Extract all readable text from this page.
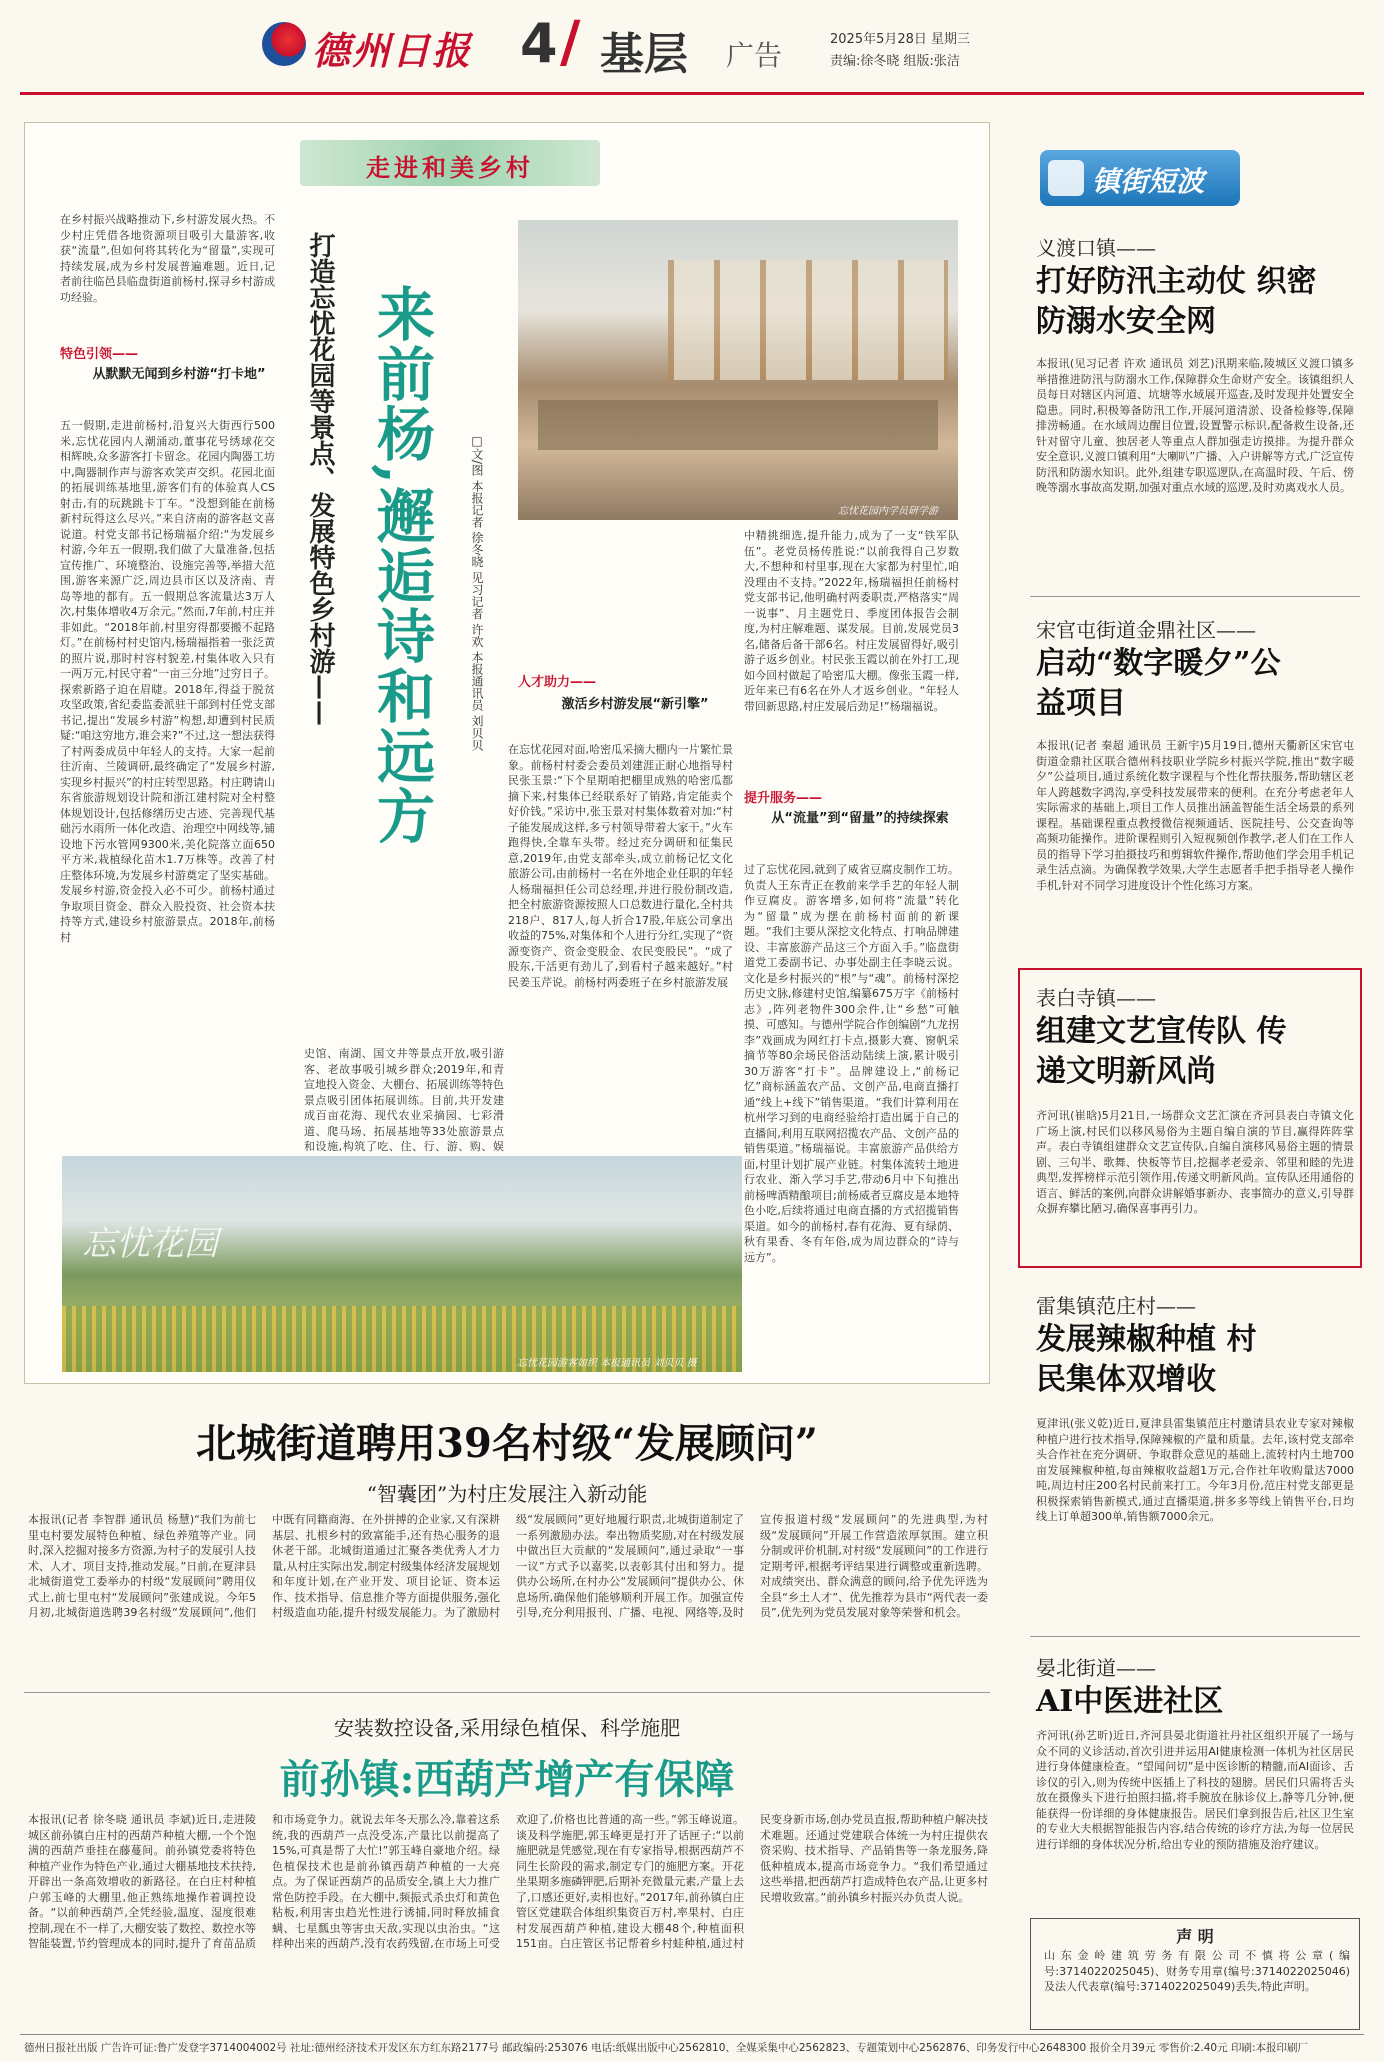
德州日报 4 / 基层 广告	2025年5月28日 星期三
责编:徐冬晓 组版:张洁
走进和美乡村
在乡村振兴战略推动下,乡村游发展火热。不少村庄凭借各地资源项目吸引大量游客,收获“流量”,但如何将其转化为“留量”,实现可持续发展,成为乡村发展普遍难题。近日,记者前往临邑县临盘街道前杨村,探寻乡村游成功经验。
特色引领——
从默默无闻到乡村游“打卡地”
五一假期,走进前杨村,沿复兴大街西行500米,忘忧花园内人潮涌动,董事花号绣球花交相辉映,众多游客打卡留念。花园内陶器工坊中,陶器制作声与游客欢笑声交织。花园北面的拓展训练基地里,游客们有的体验真人CS射击,有的玩跳跳卡丁车。“没想到能在前杨新村玩得这么尽兴。”来自济南的游客赵文喜说道。村党支部书记杨瑞福介绍:“为发展乡村游,今年五一假期,我们做了大量准备,包括宣传推广、环境整治、设施完善等,举措大范围,游客来源广泛,周边县市区以及济南、青岛等地的都有。五一假期总客流量达3万人次,村集体增收4万余元。”然而,7年前,村庄并非如此。“2018年前,村里穷得都要搬不起路灯。”在前杨村村史馆内,杨瑞福指着一张泛黄的照片说,那时村容村貌差,村集体收入只有一两万元,村民守着“一亩三分地”过穷日子。探索新路子迫在眉睫。2018年,得益于脱贫攻坚政策,省纪委监委派驻干部到村任党支部书记,提出“发展乡村游”构想,却遭到村民质疑:“咱这穷地方,谁会来?”不过,这一想法获得了村两委成员中年轻人的支持。大家一起前往沂南、兰陵调研,最终确定了“发展乡村游,实现乡村振兴”的村庄转型思路。村庄聘请山东省旅游规划设计院和浙江建村院对全村整体规划设计,包括修缮历史古迹、完善现代基础污水雨所一体化改造、治理空中网线等,铺设地下污水管网9300米,美化院落立面650平方米,栽植绿化苗木1.7万株等。改善了村庄整体环境,为发展乡村游奠定了坚实基础。发展乡村游,资金投入必不可少。前杨村通过争取项目资金、群众入股投资、社会资本扶持等方式,建设乡村旅游景点。2018年,前杨村
打造忘忧花园等景点、发展特色乡村游—— 来前杨,邂逅诗和远方	□文/图 本报记者 徐冬晓 见习记者 许欢 本报通讯员 刘贝贝	忘忧花园内学员研学游
史馆、南湖、国文井等景点开放,吸引游客、老故事吸引城乡群众;2019年,和青宣地投入资金、大棚台、拓展训练等特色景点吸引团体拓展训练。目前,共开发建成百亩花海、现代农业采摘园、七彩滑道、爬马场、拓展基地等33处旅游景点和设施,构筑了吃、住、行、游、购、娱
在忘忧花园对面,哈密瓜采摘大棚内一片繁忙景象。前杨村村委会委员刘建涯正耐心地指导村民张玉景:“下个星期咱把棚里成熟的哈密瓜都摘下来,村集体已经联系好了销路,肯定能卖个好价钱。”采访中,张玉景对村集体数着对加:“村子能发展成这样,多亏村领导带着大家干。”火车跑得快,全靠车头带。经过充分调研和征集民意,2019年,由党支部牵头,成立前杨记忆文化旅游公司,由前杨村一名在外地企业任职的年轻人杨瑞福担任公司总经理,并进行股份制改造,把全村旅游资源按照人口总数进行量化,全村共218户、817人,每人折合17股,年底公司拿出收益的75%,对集体和个人进行分红,实现了“资源变资产、资金变股金、农民变股民”。“成了股东,干活更有劲儿了,到看村子越来越好。”村民姜玉芹说。前杨村两委班子在乡村旅游发展
人才助力——
激活乡村游发展“新引擎”
中精挑细选,提升能力,成为了一支“铁军队伍”。老党员杨传胜说:“以前我得自己岁数大,不想种和村里事,现在大家都为村里忙,咱没理由不支持。”2022年,杨瑞福担任前杨村党支部书记,他明确村两委职责,严格落实“周一说事”、月主题党日、季度团体报告会制度,为村庄解难题、谋发展。目前,发展党员3名,储备后备干部6名。村庄发展留得好,吸引游子返乡创业。村民张玉霞以前在外打工,现如今回村做起了哈密瓜大棚。像张玉霞一样,近年来已有6名在外人才返乡创业。“年轻人带回新思路,村庄发展后劲足!”杨瑞福说。
提升服务——
从“流量”到“留量”的持续探索
过了忘忧花园,就到了威省豆腐皮制作工坊。负责人王东青正在教前来学手艺的年轻人制作豆腐皮。游客增多,如何将“流量”转化为“留量”成为摆在前杨村面前的新课题。“我们主要从深挖文化特点、打响品牌建设、丰富旅游产品这三个方面入手。”临盘街道党工委副书记、办事处副主任李晓云说。文化是乡村振兴的“根”与“魂”。前杨村深挖历史文脉,修建村史馆,编纂675万字《前杨村志》,阵列老物件300余件,让“乡愁”可触摸、可感知。与德州学院合作创编剧“九龙拐李”戏画成为网红打卡点,摄影大赛、窗帆采摘节等80余场民俗活动陆续上演,累计吸引30万游客“打卡”。品牌建设上,“前杨记忆”商标涵盖农产品、文创产品,电商直播打通“线上+线下”销售渠道。“我们计算利用在杭州学习到的电商经验给打造出属于自己的直播间,利用互联网招揽农产品、文创产品的销售渠道。”杨瑞福说。丰富旅游产品供给方面,村里计划扩展产业链。村集体流转土地进行农业、渐入学习手艺,带动6月中下旬推出前杨啤酒精酿项目;前杨威者豆腐皮是本地特色小吃,后续将通过电商直播的方式招揽销售渠道。如今的前杨村,春有花海、夏有绿荫、秋有果香、冬有年俗,成为周边群众的“诗与远方”。
忘忧花园
忘忧花园游客如织 本报通讯员 刘贝贝 摄
镇街短波
义渡口镇——
打好防汛主动仗 织密防溺水安全网
本报讯(见习记者 许欢 通讯员 刘艺)汛期来临,陵城区义渡口镇多举措推进防汛与防溺水工作,保障群众生命财产安全。该镇组织人员每日对辖区内河道、坑塘等水域展开巡查,及时发现并处置安全隐患。同时,积极筹备防汛工作,开展河道清淤、设备检修等,保障排涝畅通。在水域周边醒目位置,设置警示标识,配备救生设备,还针对留守儿童、独居老人等重点人群加强走访摸排。为提升群众安全意识,义渡口镇利用“大喇叭”广播、入户讲解等方式,广泛宣传防汛和防溺水知识。此外,组建专职巡逻队,在高温时段、午后、傍晚等溺水事故高发期,加强对重点水域的巡逻,及时劝离戏水人员。
宋官屯街道金鼎社区——
启动“数字暖夕”公益项目
本报讯(记者 秦超 通讯员 王新宇)5月19日,德州天衢新区宋官屯街道金鼎社区联合德州科技职业学院乡村振兴学院,推出“数字暖夕”公益项目,通过系统化数字课程与个性化帮扶服务,帮助辖区老年人跨越数字鸿沟,享受科技发展带来的便利。在充分考虑老年人实际需求的基础上,项目工作人员推出涵盖智能生活全场景的系列课程。基础课程重点教授微信视频通话、医院挂号、公交查询等高频功能操作。进阶课程则引入短视频创作教学,老人们在工作人员的指导下学习拍摄技巧和剪辑软件操作,帮助他们学会用手机记录生活点滴。为确保教学效果,大学生志愿者手把手指导老人操作手机,针对不同学习进度设计个性化练习方案。
表白寺镇——
组建文艺宣传队 传递文明新风尚
齐河讯(崔晗)5月21日,一场群众文艺汇演在齐河县表白寺镇文化广场上演,村民们以移风易俗为主题自编自演的节目,赢得阵阵掌声。表白寺镇组建群众文艺宣传队,自编自演移风易俗主题的情景剧、三句半、歌舞、快板等节目,挖掘孝老爱亲、邻里和睦的先进典型,发挥榜样示范引领作用,传递文明新风尚。宣传队还用通俗的语言、鲜活的案例,向群众讲解婚事新办、丧事简办的意义,引导群众摒弃攀比陋习,确保喜事再引力。
雷集镇范庄村——
发展辣椒种植 村民集体双增收
夏津讯(张义乾)近日,夏津县雷集镇范庄村邀请县农业专家对辣椒种植户进行技术指导,保障辣椒的产量和质量。去年,该村党支部牵头合作社在充分调研、争取群众意见的基础上,流转村内土地700亩发展辣椒种植,每亩辣椒收益超1万元,合作社年收购量达7000吨,周边村庄200名村民前来打工。今年3月份,范庄村党支部更是积极探索销售新模式,通过直播渠道,拼多多等线上销售平台,日均线上订单超300单,销售额7000余元。
晏北街道——
AI中医进社区
齐河讯(孙艺昕)近日,齐河县晏北街道社丹社区组织开展了一场与众不同的义诊活动,首次引进并运用AI健康检测一体机为社区居民进行身体健康检查。“望闻问切”是中医诊断的精髓,而AI面诊、舌诊仪的引入,则为传统中医插上了科技的翅膀。居民们只需将舌头放在摄像头下进行拍照扫描,将手腕放在脉诊仪上,静等几分钟,便能获得一份详细的身体健康报告。居民们拿到报告后,社区卫生室的专业大夫根据智能报告内容,结合传统的诊疗方法,为每一位居民进行详细的身体状况分析,给出专业的预防措施及治疗建议。
声 明
山东金岭建筑劳务有限公司不慎将公章(编号:3714022025045)、财务专用章(编号:3714022025046)及法人代表章(编号:3714022025049)丢失,特此声明。
北城街道聘用39名村级“发展顾问”
“智囊团”为村庄发展注入新动能
本报讯(记者 李智群 通讯员 杨慧)“我们为前七里屯村要发展特色种植、绿色养殖等产业。同时,深入挖掘对接多方资源,为村子的发展引人技术、人才、项目支持,推动发展。”日前,在夏津县北城街道党工委举办的村级“发展顾问”聘用仪式上,前七里屯村“发展顾问”张建成说。今年5月初,北城街道选聘39名村级“发展顾问”,他们中既有同籍商海、在外拼搏的企业家,又有深耕基层、扎根乡村的致富能手,还有热心服务的退休老干部。北城街道通过汇聚各类优秀人才力量,从村庄实际出发,制定村级集体经济发展规划和年度计划,在产业开发、项目论证、资本运作、技术指导、信息推介等方面提供服务,强化村级造血功能,提升村级发展能力。为了激励村级“发展顾问”更好地履行职责,北城街道制定了一系列激励办法。奉出物质奖励,对在村级发展中做出巨大贡献的“发展顾问”,通过录取“一事一议”方式予以嘉奖,以表彰其付出和努力。提供办公场所,在村办公“发展顾问”提供办公、休息场所,确保他们能够顺利开展工作。加强宣传引导,充分利用报刊、广播、电视、网络等,及时宣传报道村级“发展顾问”的先进典型,为村级“发展顾问”开展工作营造浓厚氛围。建立积分制或评价机制,对村级“发展顾问”的工作进行定期考评,根据考评结果进行调整或重新选聘。对成绩突出、群众满意的顾问,给予优先评选为全县“乡土人才”、优先推荐为县市“两代表一委员”,优先列为党员发展对象等荣誉和机会。
安装数控设备,采用绿色植保、科学施肥
前孙镇:西葫芦增产有保障
本报讯(记者 徐冬晓 通讯员 李斌)近日,走进陵城区前孙镇白庄村的西葫芦种植大棚,一个个饱满的西葫芦垂挂在藤蔓间。前孙镇党委将特色种植产业作为特色产业,通过大棚基地技术扶持,开辟出一条高效增收的新路径。在白庄村种植户郭玉峰的大棚里,他正熟练地操作着调控设备。“以前种西葫芦,全凭经验,温度、湿度很难控制,现在不一样了,大棚安装了数控、数控水等智能装置,节约管理成本的同时,提升了育苗品质和市场竞争力。就说去年冬天那么冷,靠着这系统,我的西葫芦一点没受冻,产量比以前提高了15%,可真是帮了大忙!”郭玉峰自豪地介绍。绿色植保技术也是前孙镇西葫芦种植的一大亮点。为了保证西葫芦的品质安全,镇上大力推广常色防控手段。在大棚中,频振式杀虫灯和黄色粘板,利用害虫趋光性进行诱捕,同时释放捕食螨、七星瓢虫等害虫天敌,实现以虫治虫。“这样种出来的西葫芦,没有农药残留,在市场上可受欢迎了,价格也比普通的高一些。”郭玉峰说道。谈及科学施肥,郭玉峰更是打开了话匣子:“以前施肥就是凭感觉,现在有专家指导,根据西葫芦不同生长阶段的需求,制定专门的施肥方案。开花坐果期多施磷钾肥,后期补充微量元素,产量上去了,口感还更好,卖相也好。”2017年,前孙镇白庄管区党建联合体组织集资百万村,率果村、白庄村发展西葫芦种植,建设大棚48个,种植面积151亩。白庄管区书记帮着乡村蛙种植,通过村民变身新市场,创办党员直报,帮助种植户解决技术难题。还通过党建联合体统一为村庄提供农资采购、技术指导、产品销售等一条龙服务,降低种植成本,提高市场竞争力。“我们希望通过这些举措,把西葫芦打造成特色农产品,让更多村民增收致富。”前孙镇乡村振兴办负责人说。
德州日报社出版 广告许可证:鲁广发登字3714004002号 社址:德州经济技术开发区东方红东路2177号 邮政编码:253076 电话:纸媒出版中心2562810、全媒采集中心2562823、专题策划中心2562876、印务发行中心2648300 报价全月39元 零售价:2.40元 印刷:本报印刷厂
